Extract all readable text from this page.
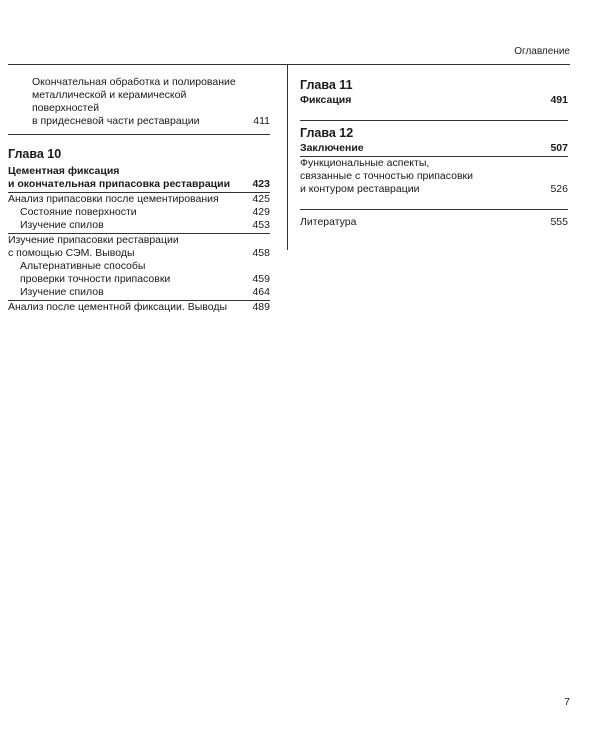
Оглавление
Окончательная обработка и полирование
металлической и керамической поверхностей
в придесневой части реставрации	411
Глава 10
Цементная фиксация
и окончательная припасовка реставрации	423
Анализ припасовки после цементирования	425
Состояние поверхности	429
Изучение спилов	453
Изучение припасовки реставрации
с помощью СЭМ. Выводы	458
Альтернативные способы
проверки точности припасовки	459
Изучение спилов	464
Анализ после цементной фиксации. Выводы	489
Глава 11
Фиксация	491
Глава 12
Заключение	507
Функциональные аспекты,
связанные с точностью припасовки
и контуром реставрации	526
Литература	555
7
